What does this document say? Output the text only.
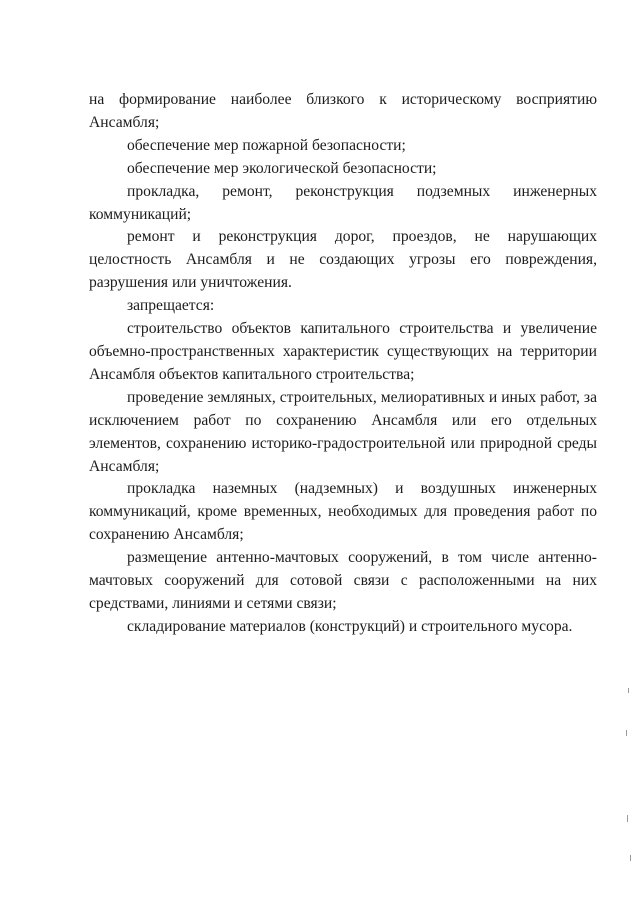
на формирование наиболее близкого к историческому восприятию Ансамбля;

обеспечение мер пожарной безопасности;

обеспечение мер экологической безопасности;

прокладка, ремонт, реконструкция подземных инженерных коммуникаций;

ремонт и реконструкция дорог, проездов, не нарушающих целостность Ансамбля и не создающих угрозы его повреждения, разрушения или уничтожения.

запрещается:

строительство объектов капитального строительства и увеличение объемно-пространственных характеристик существующих на территории Ансамбля объектов капитального строительства;

проведение земляных, строительных, мелиоративных и иных работ, за исключением работ по сохранению Ансамбля или его отдельных элементов, сохранению историко-градостроительной или природной среды Ансамбля;

прокладка наземных (надземных) и воздушных инженерных коммуникаций, кроме временных, необходимых для проведения работ по сохранению Ансамбля;

размещение антенно-мачтовых сооружений, в том числе антенно-мачтовых сооружений для сотовой связи с расположенными на них средствами, линиями и сетями связи;

складирование материалов (конструкций) и строительного мусора.
